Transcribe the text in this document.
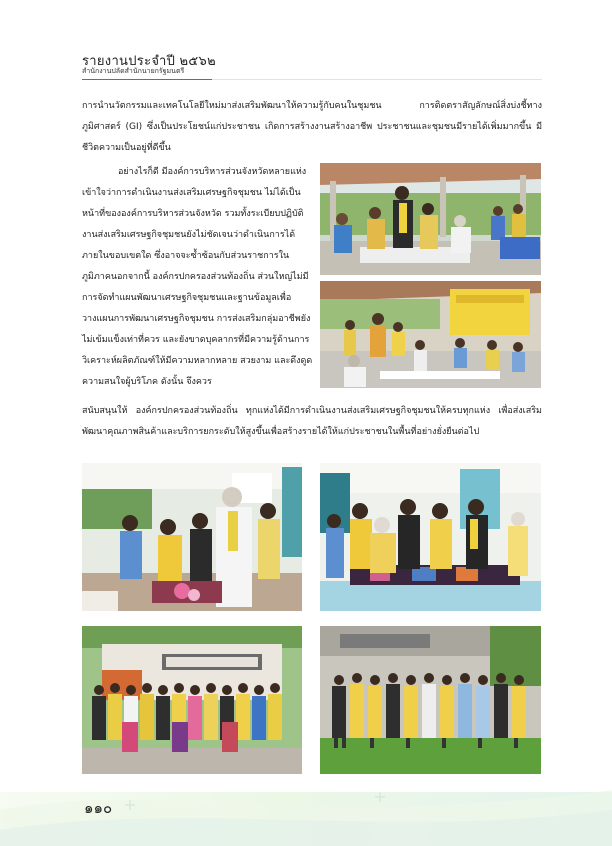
รายงานประจำปี ๒๕๖๒
สำนักงานปลัดสำนักนายกรัฐมนตรี
การนำนวัตกรรมและเทคโนโลยีใหม่มาส่งเสริมพัฒนาให้ความรู้กับคนในชุมชน การติดตราสัญลักษณ์สิ่งบ่งชี้ทางภูมิศาสตร์ (GI) ซึ่งเป็นประโยชน์แก่ประชาชน เกิดการสร้างงานสร้างอาชีพ ประชาชนและชุมชนมีรายได้เพิ่มมากขึ้น มีชีวิตความเป็นอยู่ที่ดีขึ้น
อย่างไรก็ดี มีองค์การบริหารส่วนจังหวัดหลายแห่งเข้าใจว่าการดำเนินงานส่งเสริมเศรษฐกิจชุมชน ไม่ได้เป็นหน้าที่ขององค์การบริหารส่วนจังหวัด รวมทั้งระเบียบปฏิบัติงานส่งเสริมเศรษฐกิจชุมชนยังไม่ชัดเจนว่าดำเนินการได้ภายในขอบเขตใด ซึ่งอาจจะซ้ำซ้อนกับส่วนราชการในภูมิภาคนอกจากนี้ องค์กรปกครองส่วนท้องถิ่น ส่วนใหญ่ไม่มีการจัดทำแผนพัฒนาเศรษฐกิจชุมชนและฐานข้อมูลเพื่อวางแผนการพัฒนาเศรษฐกิจชุมชน การส่งเสริมกลุ่มอาชีพยังไม่เข้มแข็งเท่าที่ควร และยังขาดบุคลากรที่มีความรู้ด้านการวิเคราะห์ผลิตภัณฑ์ให้มีความหลากหลาย สวยงาม และดึงดูดความสนใจผู้บริโภค ดังนั้น จึงควร
สนับสนุนให้ องค์กรปกครองส่วนท้องถิ่น ทุกแห่งได้มีการดำเนินงานส่งเสริมเศรษฐกิจชุมชนให้ครบทุกแห่ง เพื่อส่งเสริมพัฒนาคุณภาพสินค้าและบริการยกระดับให้สูงขึ้นเพื่อสร้างรายได้ให้แก่ประชาชนในพื้นที่อย่างยั่งยืนต่อไป
๑๑๐
